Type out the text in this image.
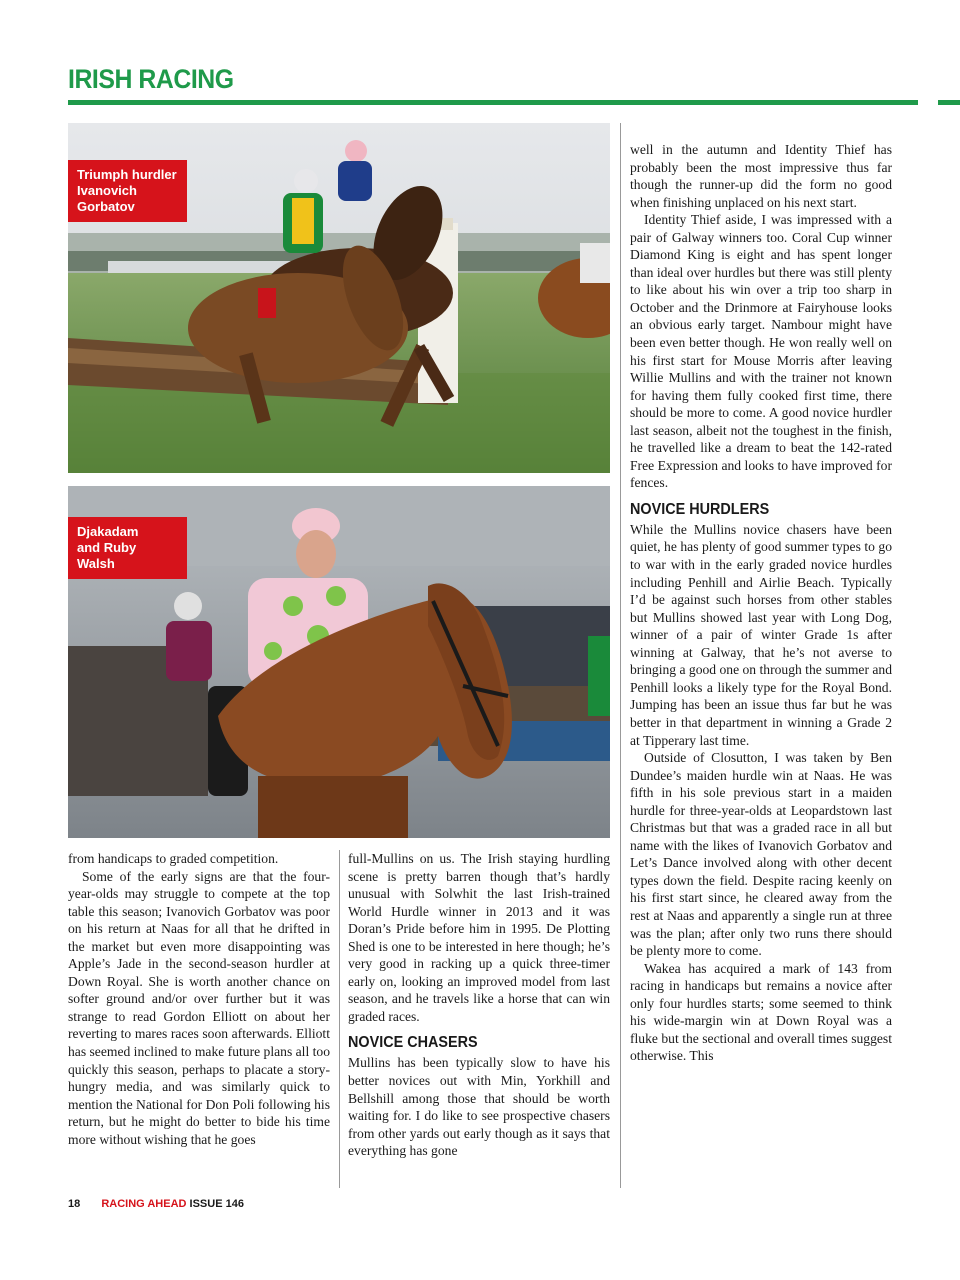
IRISH RACING
Triumph hurdler
Ivanovich
Gorbatov
Djakadam
and Ruby
Walsh

from handicaps to graded competition.

Some of the early signs are that the four-year-olds may struggle to compete at the top table this season; Ivanovich Gorbatov was poor on his return at Naas for all that he drifted in the market but even more disappointing was Apple’s Jade in the second-season hurdler at Down Royal. She is worth another chance on softer ground and/or over further but it was strange to read Gordon Elliott on about her reverting to mares races soon afterwards. Elliott has seemed inclined to make future plans all too quickly this season, perhaps to placate a story-hungry media, and was similarly quick to mention the National for Don Poli following his return, but he might do better to bide his time more without wishing that he goes

full-Mullins on us. The Irish staying hurdling scene is pretty barren though that’s hardly unusual with Solwhit the last Irish-trained World Hurdle winner in 2013 and it was Doran’s Pride before him in 1995. De Plotting Shed is one to be interested in here though; he’s very good in racking up a quick three-timer early on, looking an improved model from last season, and he travels like a horse that can win graded races.

NOVICE CHASERS

Mullins has been typically slow to have his better novices out with Min, Yorkhill and Bellshill among those that should be worth waiting for. I do like to see prospective chasers from other yards out early though as it says that everything has gone

well in the autumn and Identity Thief has probably been the most impressive thus far though the runner-up did the form no good when finishing unplaced on his next start.

Identity Thief aside, I was impressed with a pair of Galway winners too. Coral Cup winner Diamond King is eight and has spent longer than ideal over hurdles but there was still plenty to like about his win over a trip too sharp in October and the Drinmore at Fairyhouse looks an obvious early target. Nambour might have been even better though. He won really well on his first start for Mouse Morris after leaving Willie Mullins and with the trainer not known for having them fully cooked first time, there should be more to come. A good novice hurdler last season, albeit not the toughest in the finish, he travelled like a dream to beat the 142-rated Free Expression and looks to have improved for fences.

NOVICE HURDLERS

While the Mullins novice chasers have been quiet, he has plenty of good summer types to go to war with in the early graded novice hurdles including Penhill and Airlie Beach. Typically I’d be against such horses from other stables but Mullins showed last year with Long Dog, winner of a pair of winter Grade 1s after winning at Galway, that he’s not averse to bringing a good one on through the summer and Penhill looks a likely type for the Royal Bond. Jumping has been an issue thus far but he was better in that department in winning a Grade 2 at Tipperary last time.

Outside of Closutton, I was taken by Ben Dundee’s maiden hurdle win at Naas. He was fifth in his sole previous start in a maiden hurdle for three-year-olds at Leopardstown last Christmas but that was a graded race in all but name with the likes of Ivanovich Gorbatov and Let’s Dance involved along with other decent types down the field. Despite racing keenly on his first start since, he cleared away from the rest at Naas and apparently a single run at three was the plan; after only two runs there should be plenty more to come.

Wakea has acquired a mark of 143 from racing in handicaps but remains a novice after only four hurdles starts; some seemed to think his wide-margin win at Down Royal was a fluke but the sectional and overall times suggest otherwise. This

18 RACING AHEAD ISSUE 146
